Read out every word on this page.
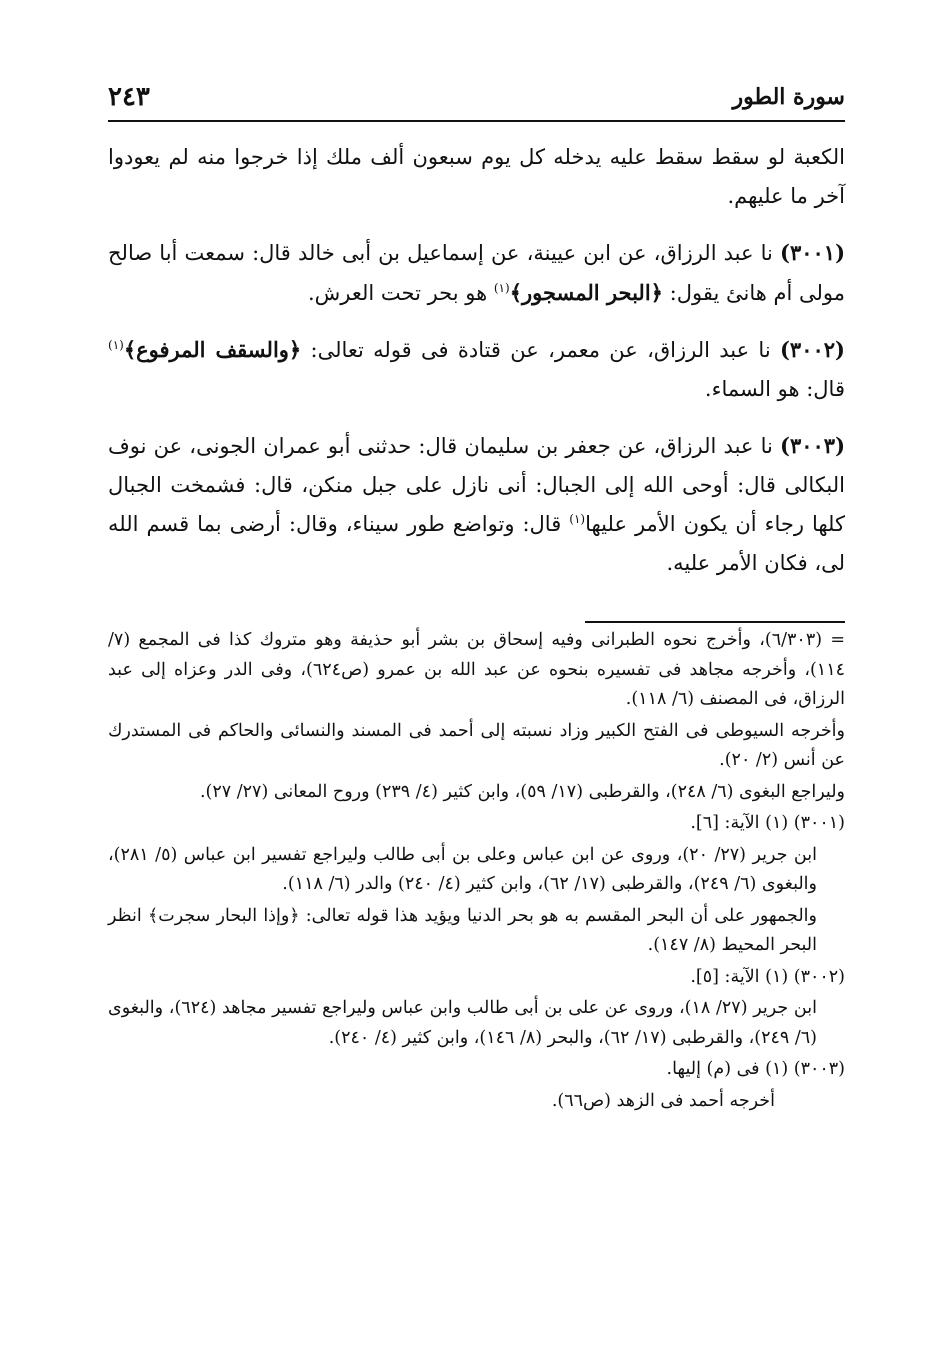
سورة الطور
٢٤٣

الكعبة لو سقط سقط عليه يدخله كل يوم سبعون ألف ملك إذا خرجوا منه لم يعودوا آخر ما عليهم.

(٣٠٠١) نا عبد الرزاق، عن ابن عيينة، عن إسماعيل بن أبى خالد قال: سمعت أبا صالح مولى أم هانئ يقول: ﴿البحر المسجور﴾$^{(١)}$ هو بحر تحت العرش.

(٣٠٠٢) نا عبد الرزاق، عن معمر، عن قتادة فى قوله تعالى: ﴿والسقف المرفوع﴾$^{(١)}$ قال: هو السماء.

(٣٠٠٣) نا عبد الرزاق، عن جعفر بن سليمان قال: حدثنى أبو عمران الجونى، عن نوف البكالى قال: أوحى الله إلى الجبال: أنى نازل على جبل منكن، قال: فشمخت الجبال كلها رجاء أن يكون الأمر عليها$^{(١)}$ قال: وتواضع طور سيناء، وقال: أرضى بما قسم الله لى، فكان الأمر عليه.

= (٦/٣٠٣)، وأخرج نحوه الطبرانى وفيه إسحاق بن بشر أبو حذيفة وهو متروك كذا فى المجمع (٧/ ١١٤)، وأخرجه مجاهد فى تفسيره بنحوه عن عبد الله بن عمرو (ص٦٢٤)، وفى الدر وعزاه إلى عبد الرزاق، فى المصنف (٦/ ١١٨).

وأخرجه السيوطى فى الفتح الكبير وزاد نسبته إلى أحمد فى المسند والنسائى والحاكم فى المستدرك عن أنس (٢/ ٢٠).

وليراجع البغوى (٦/ ٢٤٨)، والقرطبى (١٧/ ٥٩)، وابن كثير (٤/ ٢٣٩) وروح المعانى (٢٧/ ٢٧).

(٣٠٠١) (١) الآية: [٦].

ابن جرير (٢٧/ ٢٠)، وروى عن ابن عباس وعلى بن أبى طالب وليراجع تفسير ابن عباس (٥/ ٢٨١)، والبغوى (٦/ ٢٤٩)، والقرطبى (١٧/ ٦٢)، وابن كثير (٤/ ٢٤٠) والدر (٦/ ١١٨).

والجمهور على أن البحر المقسم به هو بحر الدنيا ويؤيد هذا قوله تعالى: ﴿وإذا البحار سجرت﴾ انظر البحر المحيط (٨/ ١٤٧).

(٣٠٠٢) (١) الآية: [٥].

ابن جرير (٢٧/ ١٨)، وروى عن على بن أبى طالب وابن عباس وليراجع تفسير مجاهد (٦٢٤)، والبغوى (٦/ ٢٤٩)، والقرطبى (١٧/ ٦٢)، والبحر (٨/ ١٤٦)، وابن كثير (٤/ ٢٤٠).

(٣٠٠٣) (١) فى (م) إليها.

أخرجه أحمد فى الزهد (ص٦٦).
